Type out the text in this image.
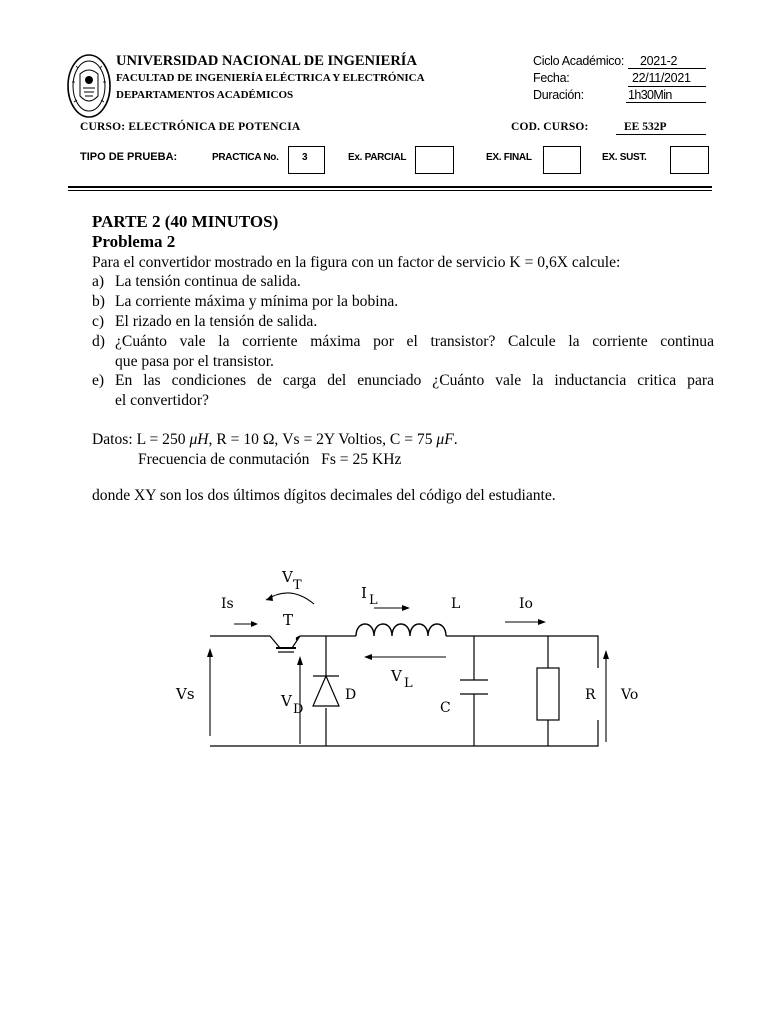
UNIVERSIDAD NACIONAL DE INGENIERÍA
FACULTAD DE INGENIERÍA ELÉCTRICA Y ELECTRÓNICA
DEPARTAMENTOS ACADÉMICOS
Ciclo Académico: 2021-2
Fecha:	22/11/2021
Duración:	1h30Min
CURSO: ELECTRÓNICA DE POTENCIA	COD. CURSO:	EE 532P
TIPO DE PRUEBA:	PRACTICA No. 3	Ex. PARCIAL	EX. FINAL	EX. SUST.
PARTE 2 (40 MINUTOS)
Problema 2
Para el convertidor mostrado en la figura con un factor de servicio K = 0,6X calcule:
a) La tensión continua de salida.
b) La corriente máxima y mínima por la bobina.
c) El rizado en la tensión de salida.
d) ¿Cuánto vale la corriente máxima por el transistor? Calcule la corriente continua
que pasa por el transistor.
e) En las condiciones de carga del enunciado ¿Cuánto vale la inductancia critica para
el convertidor?
Datos: L = 250 μH, R = 10 Ω, Vs = 2Y Voltios, C = 75 μF.
Frecuencia de conmutación   Fs = 25 KHz
donde XY son los dos últimos dígitos decimales del código del estudiante.
T
V T
Is
I L	L
V L
Io
Vs	V D
D
C
R Vo
